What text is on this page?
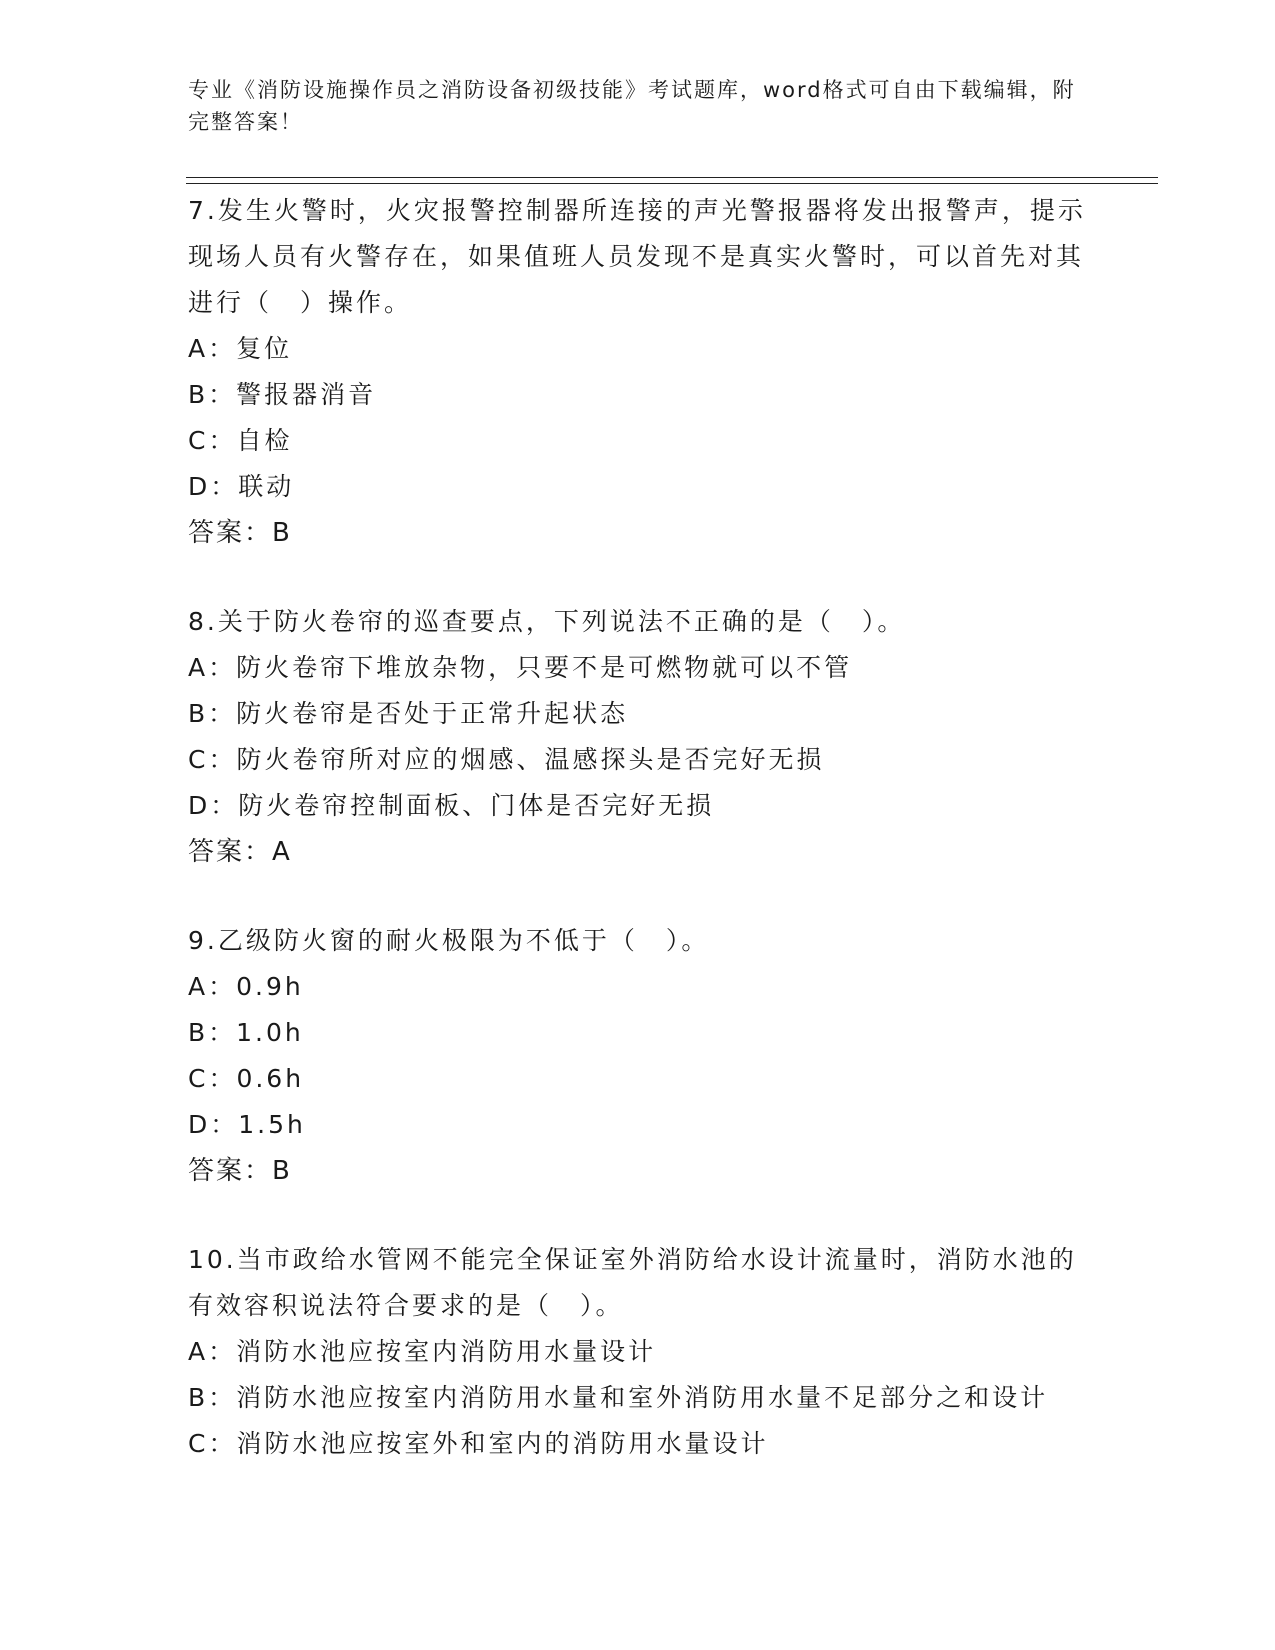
专业《消防设施操作员之消防设备初级技能》考试题库，word格式可自由下载编辑，附完整答案！

7.发生火警时，火灾报警控制器所连接的声光警报器将发出报警声，提示现场人员有火警存在，如果值班人员发现不是真实火警时，可以首先对其进行（　）操作。

A：复位

B：警报器消音

C：自检

D：联动

答案：B

8.关于防火卷帘的巡查要点，下列说法不正确的是（　）。

A：防火卷帘下堆放杂物，只要不是可燃物就可以不管

B：防火卷帘是否处于正常升起状态

C：防火卷帘所对应的烟感、温感探头是否完好无损

D：防火卷帘控制面板、门体是否完好无损

答案：A

9.乙级防火窗的耐火极限为不低于（　）。

A：0.9h

B：1.0h

C：0.6h

D：1.5h

答案：B

10.当市政给水管网不能完全保证室外消防给水设计流量时，消防水池的有效容积说法符合要求的是（　）。

A：消防水池应按室内消防用水量设计

B：消防水池应按室内消防用水量和室外消防用水量不足部分之和设计

C：消防水池应按室外和室内的消防用水量设计
